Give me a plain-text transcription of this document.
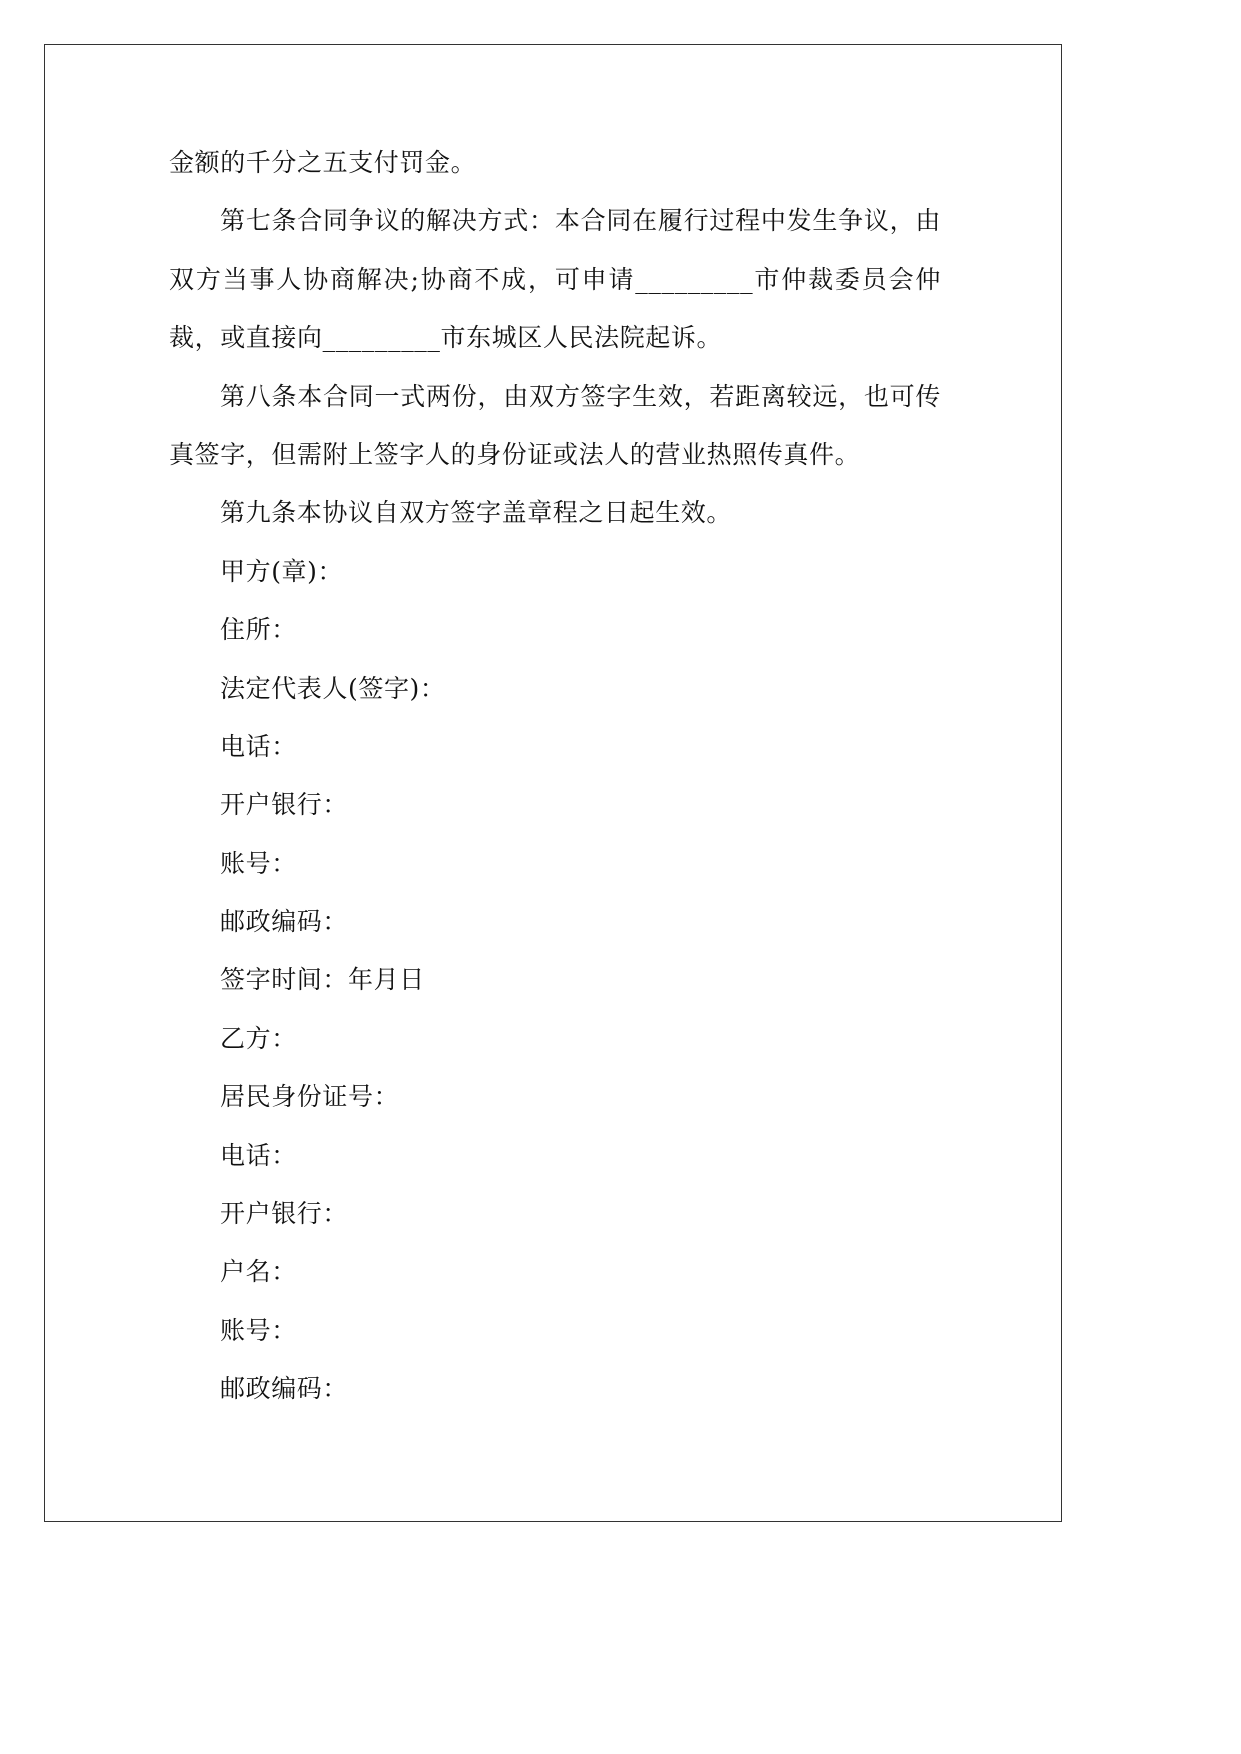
金额的千分之五支付罚金。
第七条合同争议的解决方式：本合同在履行过程中发生争议，由
双方当事人协商解决;协商不成，可申请_________市仲裁委员会仲
裁，或直接向_________市东城区人民法院起诉。
第八条本合同一式两份，由双方签字生效，若距离较远，也可传
真签字，但需附上签字人的身份证或法人的营业热照传真件。
第九条本协议自双方签字盖章程之日起生效。
甲方(章)：
住所：
法定代表人(签字)：
电话：
开户银行：
账号：
邮政编码：
签字时间：年月日
乙方：
居民身份证号：
电话：
开户银行：
户名：
账号：
邮政编码：
